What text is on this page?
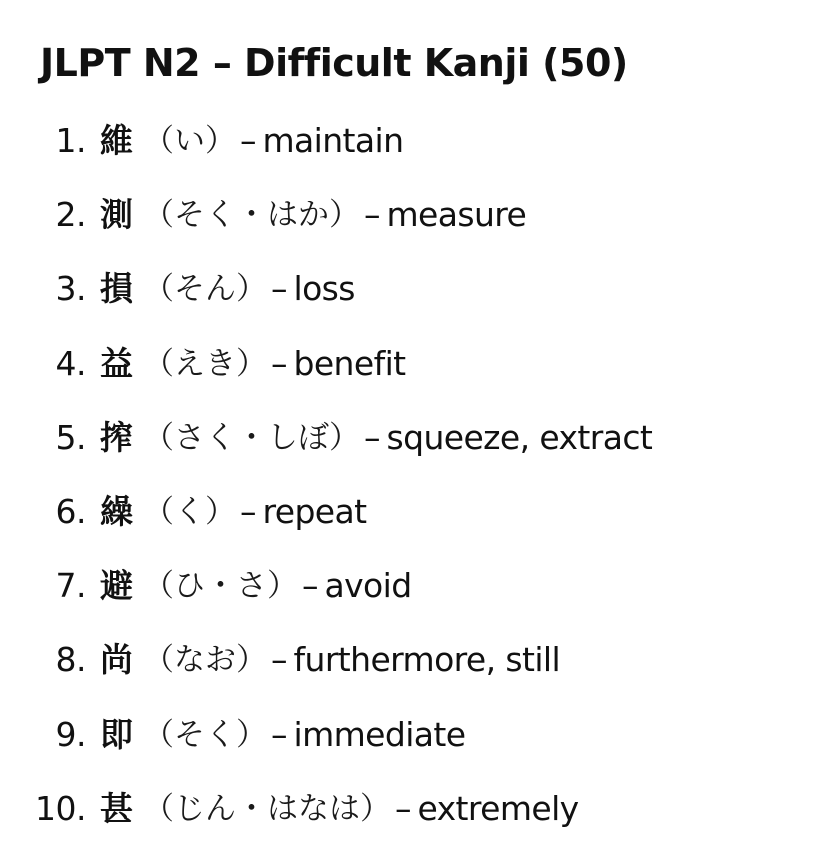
JLPT N2 – Difficult Kanji (50)
1. 維 （い） – maintain
2. 測 （そく・はか） – measure
3. 損 （そん） – loss
4. 益 （えき） – benefit
5. 搾 （さく・しぼ） – squeeze, extract
6. 繰 （く） – repeat
7. 避 （ひ・さ） – avoid
8. 尚 （なお） – furthermore, still
9. 即 （そく） – immediate
10. 甚 （じん・はなは） – extremely
